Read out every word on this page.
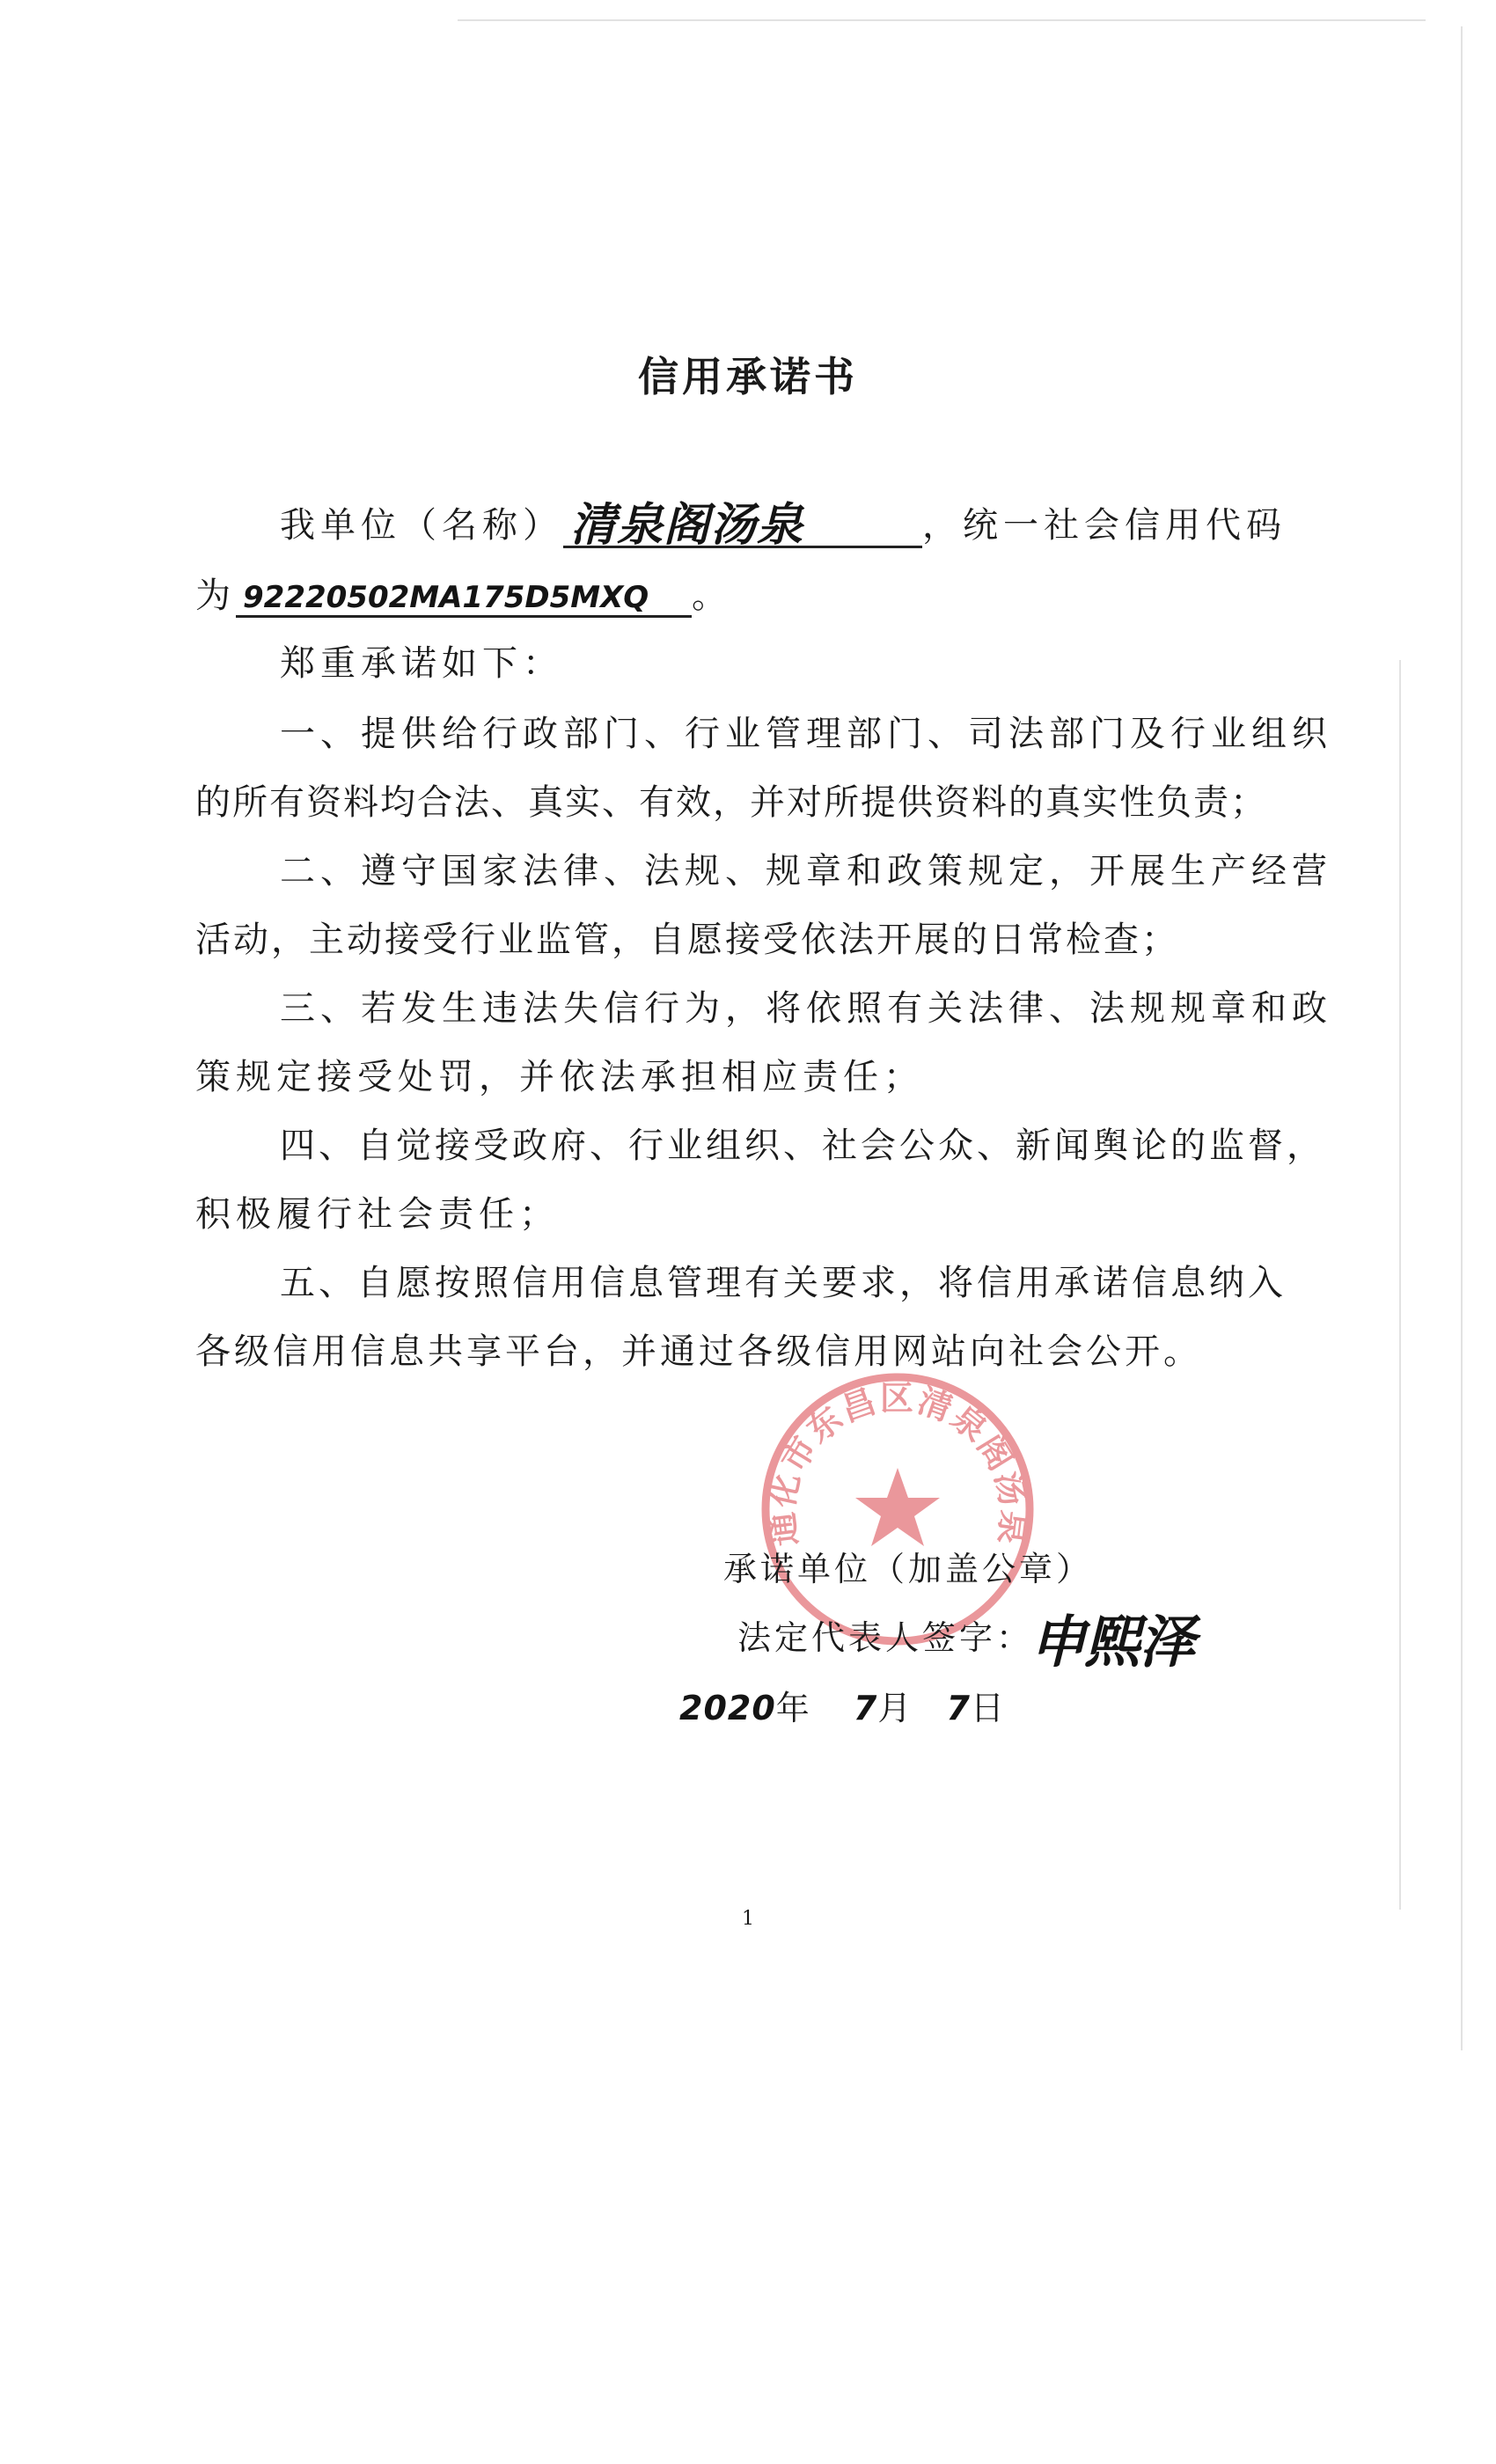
信用承诺书
我单位（名称） 清泉阁汤泉	，统一社会信用代码
为 92220502MA175D5MXQ 。
郑重承诺如下：
一、提供给行政部门、行业管理部门、司法部门及行业组织
的所有资料均合法、真实、有效，并对所提供资料的真实性负责；
二、遵守国家法律、法规、规章和政策规定，开展生产经营
活动，主动接受行业监管，自愿接受依法开展的日常检查；
三、若发生违法失信行为，将依照有关法律、法规规章和政
策规定接受处罚，并依法承担相应责任；
四、自觉接受政府、行业组织、社会公众、新闻舆论的监督，
积极履行社会责任；
五、自愿按照信用信息管理有关要求，将信用承诺信息纳入
各级信用信息共享平台，并通过各级信用网站向社会公开。
通化市东昌区清泉阁汤泉
承诺单位（加盖公章）
法定代表人签字：
申熙泽
2020年 7月 7日
1
